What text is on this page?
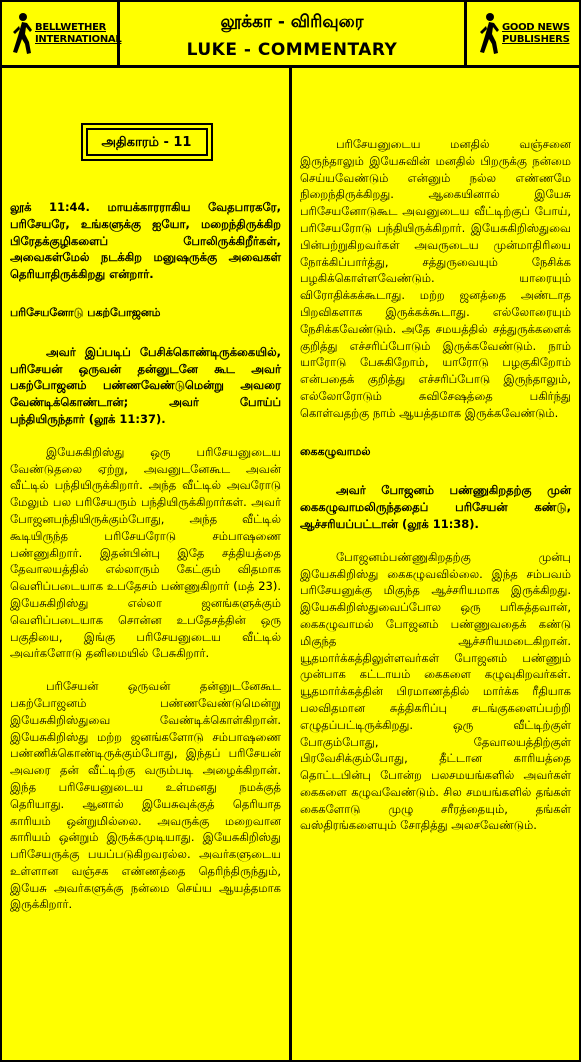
BELLWETHER
INTERNATIONAL
லூக்கா - விரிவுரை
LUKE - COMMENTARY
GOOD NEWS
PUBLISHERS
அதிகாரம் - 11

லூக் 11:44. மாயக்காரராகிய வேதபாரகரே, பரிசேயரே, உங்களுக்கு ஐயோ, மறைந்திருக்கிற பிரேதக்குழிகளைப் போலிருக்கிறீர்கள், அவைகள்மேல் நடக்கிற மனுஷருக்கு அவைகள் தெரியாதிருக்கிறது என்றார்.

பரிசேயனோடு பகற்போஜனம்

அவர் இப்படிப் பேசிக்கொண்டிருக்கையில், பரிசேயன் ஒருவன் தன்னுடனே கூட அவர் பகற்போஜனம் பண்ணவேண்டுமென்று அவரை வேண்டிக்கொண்டான்; அவர் போய்ப் பந்தியிருந்தார் (லூக் 11:37).

இயேசுகிறிஸ்து ஒரு பரிசேயனுடைய வேண்டுதலை ஏற்று, அவனுடனேகூட அவன் வீட்டில் பந்தியிருக்கிறார். அந்த வீட்டில் அவரோடு மேலும் பல பரிசேயரும் பந்தியிருக்கிறார்கள். அவர் போஜனபந்தியிருக்கும்போது, அந்த வீட்டில் கூடியிருந்த பரிசேயரோடு சம்பாஷணை பண்ணுகிறார். இதன்பின்பு இதே சத்தியத்தை தேவாலயத்தில் எல்லாரும் கேட்கும் விதமாக வெளிப்படையாக உபதேசம் பண்ணுகிறார் (மத் 23). இயேசுகிறிஸ்து எல்லா ஜனங்களுக்கும் வெளிப்படையாக சொன்ன உபதேசத்தின் ஒரு பகுதியை, இங்கு பரிசேயனுடைய வீட்டில் அவர்களோடு தனிமையில் பேசுகிறார்.

பரிசேயன் ஒருவன் தன்னுடனேகூட பகற்போஜனம் பண்ணவேண்டுமென்று இயேசுகிறிஸ்துவை வேண்டிக்கொள்கிறான். இயேசுகிறிஸ்து மற்ற ஜனங்களோடு சம்பாஷணை பண்ணிக்கொண்டிருக்கும்போது, இந்தப் பரிசேயன் அவரை தன் வீட்டிற்கு வரும்படி அழைக்கிறான். இந்த பரிசேயனுடைய உள்மனது நமக்குத் தெரியாது. ஆனால் இயேசுவுக்குத் தெரியாத காரியம் ஒன்றுமில்லை. அவருக்கு மறைவான காரியம் ஒன்றும் இருக்கமுடியாது. இயேசுகிறிஸ்து பரிசேயருக்கு பயப்படுகிறவரல்ல. அவர்களுடைய உள்ளான வஞ்சக எண்ணத்தை தெரிந்திருந்தும், இயேசு அவர்களுக்கு நன்மை செய்ய ஆயத்தமாக இருக்கிறார்.

பரிசேயனுடைய மனதில் வஞ்சனை இருந்தாலும் இயேசுவின் மனதில் பிறருக்கு நன்மை செய்யவேண்டும் என்னும் நல்ல எண்ணமே நிறைந்திருக்கிறது. ஆகையினால் இயேசு பரிசேயனோடுகூட அவனுடைய வீட்டிற்குப் போய், பரிசேயரோடு பந்தியிருக்கிறார். இயேசுகிறிஸ்துவை பின்பற்றுகிறவர்கள் அவருடைய முன்மாதிரியை நோக்கிப்பார்த்து, சத்துருவையும் நேசிக்க பழகிக்கொள்ளவேண்டும். யாரையும் விரோதிக்கக்கூடாது. மற்ற ஜனத்தை அண்டாத பிறவிகளாக இருக்கக்கூடாது. எல்லோரையும் நேசிக்கவேண்டும். அதே சமயத்தில் சத்துருக்களைக் குறித்து எச்சரிப்போடும் இருக்கவேண்டும். நாம் யாரோடு பேசுகிறோம், யாரோடு பழகுகிறோம் என்பதைக் குறித்து எச்சரிப்போடு இருந்தாலும், எல்லோரோடும் சுவிசேஷத்தை பகிர்ந்து கொள்வதற்கு நாம் ஆயத்தமாக இருக்கவேண்டும்.

கைகழுவாமல்

அவர் போஜனம் பண்ணுகிறதற்கு முன் கைகழுவாமலிருந்ததைப் பரிசேயன் கண்டு, ஆச்சரியப்பட்டான் (லூக் 11:38).

போஜனம்பண்ணுகிறதற்கு முன்பு இயேசுகிறிஸ்து கைகழுவவில்லை. இந்த சம்பவம் பரிசேயனுக்கு மிகுந்த ஆச்சரியமாக இருக்கிறது. இயேசுகிறிஸ்துவைப்போல ஒரு பரிசுத்தவான், கைகழுவாமல் போஜனம் பண்ணுவதைக் கண்டு மிகுந்த ஆச்சரியமடைகிறான். யூதமார்க்கத்திலுள்ளவர்கள் போஜனம் பண்ணும் முன்பாக கட்டாயம் கைகளை கழுவுகிறவர்கள். யூதமார்க்கத்தின் பிரமாணத்தில் மார்க்க ரீதியாக பலவிதமான சுத்திகரிப்பு சடங்குகளைப்பற்றி எழுதப்பட்டிருக்கிறது. ஒரு வீட்டிற்குள் போகும்போது, தேவாலயத்திற்குள் பிரவேசிக்கும்போது, தீட்டான காரியத்தை தொட்டபின்பு போன்ற பலசமயங்களில் அவர்கள் கைகளை கழுவவேண்டும். சில சமயங்களில் தங்கள் கைகளோடு முழு சரீரத்தையும், தங்கள் வஸ்திரங்களையும் சோதித்து அலசவேண்டும்.
